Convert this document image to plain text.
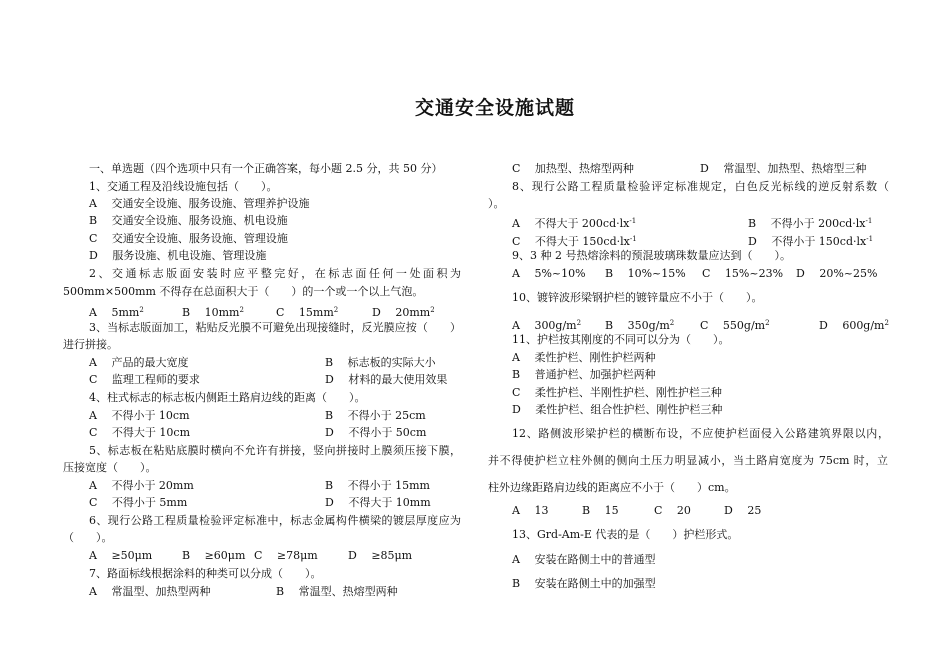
交通安全设施试题
一、单选题（四个选项中只有一个正确答案，每小题 2.5 分，共 50 分）
1、交通工程及沿线设施包括（　　）。
A　 交通安全设施、服务设施、管理养护设施
B　 交通安全设施、服务设施、机电设施
C　 交通安全设施、服务设施、管理设施
D　 服务设施、机电设施、管理设施
2、交通标志版面安装时应平整完好，在标志面任何一处面积为
500mm×500mm 不得存在总面积大于（　　）的一个或一个以上气泡。
A　 $5mm^2$	B　 $10mm^2$	C　 $15mm^2$	D　 $20mm^2$
3、当标志版面加工，粘贴反光膜不可避免出现接缝时，反光膜应按（　　）
进行拼接。
A　 产品的最大宽度	B　 标志板的实际大小
C　 监理工程师的要求	D　 材料的最大使用效果
4、柱式标志的标志板内侧距土路肩边线的距离（　　）。
A　 不得小于 10cm	B　 不得小于 25cm
C　 不得大于 10cm	D　 不得小于 50cm
5、标志板在粘贴底膜时横向不允许有拼接，竖向拼接时上膜须压接下膜，
压接宽度（　　）。
A　 不得小于 20mm	B　 不得小于 15mm
C　 不得小于 5mm	D　 不得大于 10mm
6、现行公路工程质量检验评定标准中，标志金属构件横梁的镀层厚度应为
（　　）。
A　 ≥50μm	B　 ≥60μm C　 ≥78μm	D　 ≥85μm
7、路面标线根据涂料的种类可以分成（　　）。
A　 常温型、加热型两种	B　 常温型、热熔型两种
C　 加热型、热熔型两种	D　 常温型、加热型、热熔型三种
8、现行公路工程质量检验评定标准规定，白色反光标线的逆反射系数（
）。
A　 不得大于 $200cd\cdot lx^{-1}$	B　 不得小于 $200cd\cdot lx^{-1}$
C　 不得大于 $150cd\cdot lx^{-1}$	D　 不得小于 $150cd\cdot lx^{-1}$
9、3 种 2 号热熔涂料的预混玻璃珠数量应达到（　　）。
A　 5%~10% B　 10%~15% C　 15%~23% D　 20%~25%
10、镀锌波形梁钢护栏的镀锌量应不小于（　　）。
A　 $300g/m^2$ B　 $350g/m^2$ C　 $550g/m^2$	D　 $600g/m^2$
11、护栏按其刚度的不同可以分为（　　）。
A　 柔性护栏、刚性护栏两种
B　 普通护栏、加强护栏两种
C　 柔性护栏、半刚性护栏、刚性护栏三种
D　 柔性护栏、组合性护栏、刚性护栏三种
12、路侧波形梁护栏的横断布设，不应使护栏面侵入公路建筑界限以内，
并不得使护栏立柱外侧的侧向土压力明显减小，当土路肩宽度为 75cm 时，立
柱外边缘距路肩边线的距离应不小于（　　）cm。
A　 13	B　 15	C　 20	D　 25
13、Grd-Am-E 代表的是（　　）护栏形式。
A　 安装在路侧土中的普通型
B　 安装在路侧土中的加强型
